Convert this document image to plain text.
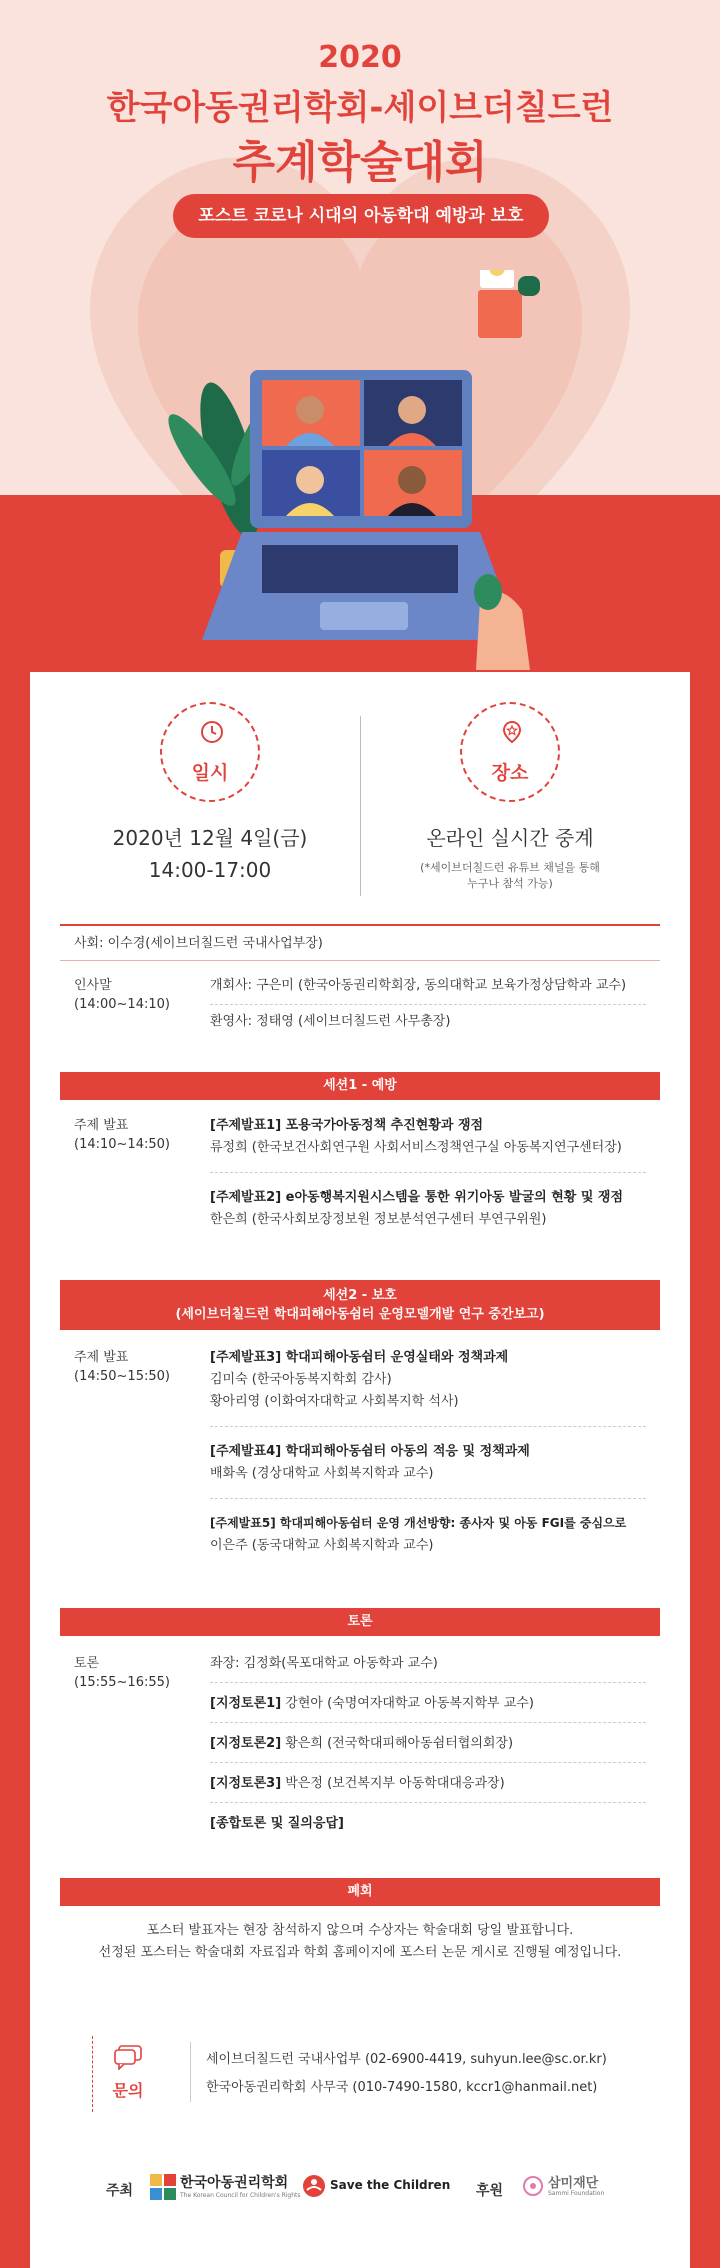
2020
한국아동권리학회-세이브더칠드런
추계학술대회
포스트 코로나 시대의 아동학대 예방과 보호
일시
2020년 12월 4일(금)
14:00-17:00
장소
온라인 실시간 중계
(*세이브더칠드런 유튜브 채널을 통해
누구나 참석 가능)
사회: 이수경(세이브더칠드런 국내사업부장)
인사말
(14:00~14:10)
개회사: 구은미 (한국아동권리학회장, 동의대학교 보육가정상담학과 교수)
환영사: 정태영 (세이브더칠드런 사무총장)
세션1 - 예방
주제 발표
(14:10~14:50)
[주제발표1] 포용국가아동정책 추진현황과 쟁점
류정희 (한국보건사회연구원 사회서비스정책연구실 아동복지연구센터장)
[주제발표2] e아동행복지원시스템을 통한 위기아동 발굴의 현황 및 쟁점
한은희 (한국사회보장정보원 정보분석연구센터 부연구위원)
세션2 - 보호
(세이브더칠드런 학대피해아동쉼터 운영모델개발 연구 중간보고)
주제 발표
(14:50~15:50)
[주제발표3] 학대피해아동쉼터 운영실태와 정책과제
김미숙 (한국아동복지학회 감사)
황아리영 (이화여자대학교 사회복지학 석사)
[주제발표4] 학대피해아동쉼터 아동의 적응 및 정책과제
배화옥 (경상대학교 사회복지학과 교수)
[주제발표5] 학대피해아동쉼터 운영 개선방향: 종사자 및 아동 FGI를 중심으로
이은주 (동국대학교 사회복지학과 교수)
토론
토론
(15:55~16:55)
좌장: 김정화(목포대학교 아동학과 교수)
[지정토론1] 강현아 (숙명여자대학교 아동복지학부 교수)
[지정토론2] 황은희 (전국학대피해아동쉼터협의회장)
[지정토론3] 박은정 (보건복지부 아동학대대응과장)
[종합토론 및 질의응답]
폐회
포스터 발표자는 현장 참석하지 않으며 수상자는 학술대회 당일 발표합니다.
선정된 포스터는 학술대회 자료집과 학회 홈페이지에 포스터 논문 게시로 진행될 예정입니다.
문의
세이브더칠드런 국내사업부 (02-6900-4419, suhyun.lee@sc.or.kr)
한국아동권리학회 사무국 (010-7490-1580, kccr1@hanmail.net)
주최	한국아동권리학회
The Korean Council for Children's Rights
Save the Children 후원	삼미재단
Sammi Foundation
